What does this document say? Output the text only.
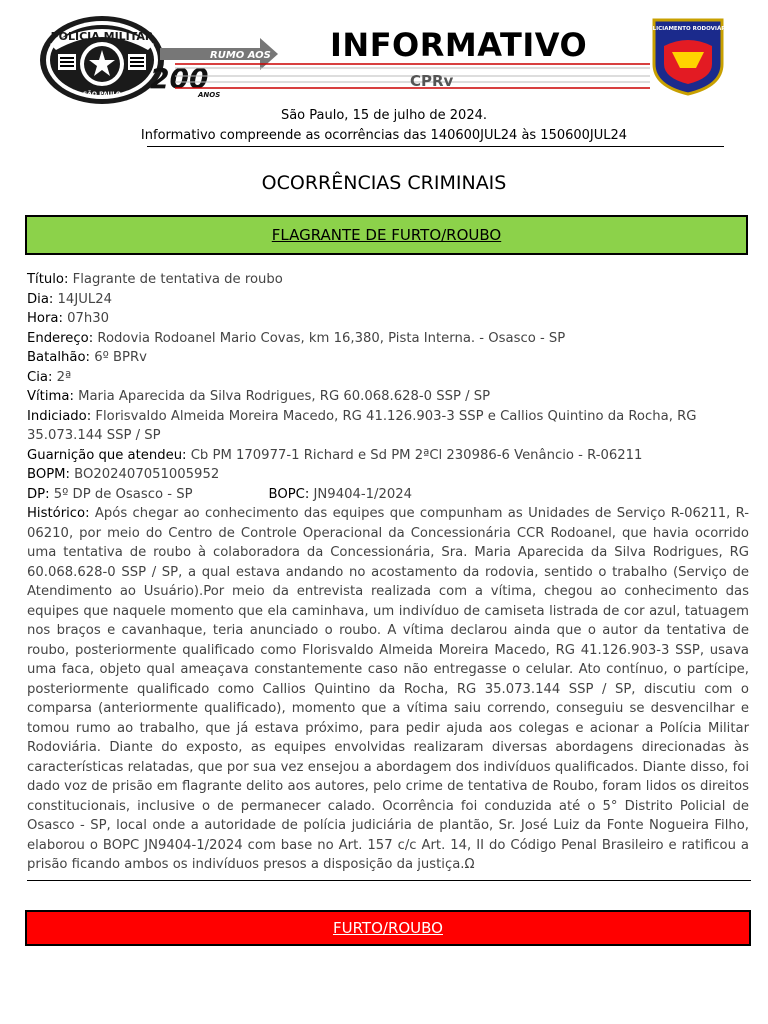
POLÍCIA MILITAR
SÃO PAULO
RUMO AOS
200
ANOS
INFORMATIVO
CPRv
POLICIAMENTO RODOVIÁRIO
São Paulo, 15 de julho de 2024.
Informativo compreende as ocorrências das 140600JUL24 às 150600JUL24
OCORRÊNCIAS CRIMINAIS
FLAGRANTE DE FURTO/ROUBO
Título: Flagrante de tentativa de roubo
Dia: 14JUL24
Hora: 07h30
Endereço: Rodovia Rodoanel Mario Covas, km 16,380, Pista Interna. - Osasco - SP
Batalhão: 6º BPRv
Cia: 2ª
Vítima: Maria Aparecida da Silva Rodrigues, RG 60.068.628-0 SSP / SP
Indiciado: Florisvaldo Almeida Moreira Macedo, RG 41.126.903-3 SSP e Callios Quintino da Rocha, RG 35.073.144 SSP / SP
Guarnição que atendeu: Cb PM 170977-1 Richard e Sd PM 2ªCl 230986-6 Venâncio - R-06211
BOPM: BO202407051005952
DP: 5º DP de Osasco - SP	BOPC: JN9404-1/2024
Histórico: Após chegar ao conhecimento das equipes que compunham as Unidades de Serviço R-06211, R-06210, por meio do Centro de Controle Operacional da Concessionária CCR Rodoanel, que havia ocorrido uma tentativa de roubo à colaboradora da Concessionária, Sra. Maria Aparecida da Silva Rodrigues, RG 60.068.628-0 SSP / SP, a qual estava andando no acostamento da rodovia, sentido o trabalho (Serviço de Atendimento ao Usuário).Por meio da entrevista realizada com a vítima, chegou ao conhecimento das equipes que naquele momento que ela caminhava, um indivíduo de camiseta listrada de cor azul, tatuagem nos braços e cavanhaque, teria anunciado o roubo. A vítima declarou ainda que o autor da tentativa de roubo, posteriormente qualificado como Florisvaldo Almeida Moreira Macedo, RG 41.126.903-3 SSP, usava uma faca, objeto qual ameaçava constantemente caso não entregasse o celular. Ato contínuo, o partícipe, posteriormente qualificado como Callios Quintino da Rocha, RG 35.073.144 SSP / SP, discutiu com o comparsa (anteriormente qualificado), momento que a vítima saiu correndo, conseguiu se desvencilhar e tomou rumo ao trabalho, que já estava próximo, para pedir ajuda aos colegas e acionar a Polícia Militar Rodoviária. Diante do exposto, as equipes envolvidas realizaram diversas abordagens direcionadas às características relatadas, que por sua vez ensejou a abordagem dos indivíduos qualificados. Diante disso, foi dado voz de prisão em flagrante delito aos autores, pelo crime de tentativa de Roubo, foram lidos os direitos constitucionais, inclusive o de permanecer calado. Ocorrência foi conduzida até o 5° Distrito Policial de Osasco - SP, local onde a autoridade de polícia judiciária de plantão, Sr. José Luiz da Fonte Nogueira Filho, elaborou o BOPC JN9404-1/2024 com base no Art. 157 c/c Art. 14, II do Código Penal Brasileiro e ratificou a prisão ficando ambos os indivíduos presos a disposição da justiça.Ω
FURTO/ROUBO
